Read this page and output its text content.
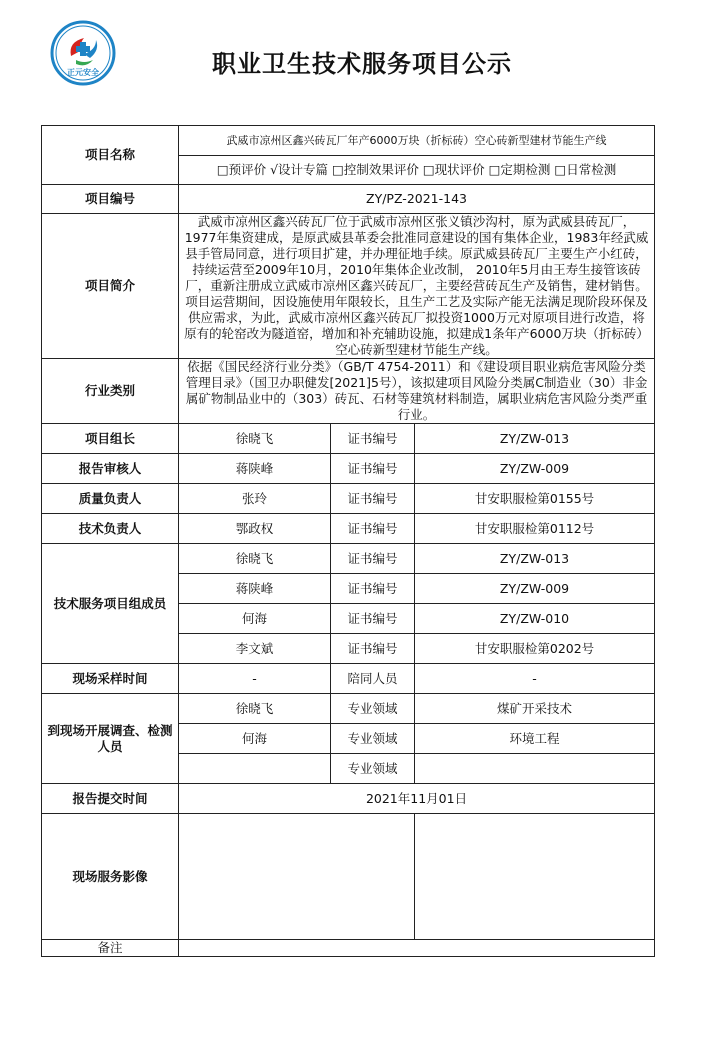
正元安全	职业卫生技术服务项目公示
项目名称	武威市凉州区鑫兴砖瓦厂年产6000万块（折标砖）空心砖新型建材节能生产线		
	□预评价 √设计专篇 □控制效果评价 □现状评价 □定期检测 □日常检测		
项目编号	ZY/PZ-2021-143		
项目简介	武威市凉州区鑫兴砖瓦厂位于武威市凉州区张义镇沙沟村，原为武威县砖瓦厂，1977年集资建成，是原武威县革委会批准同意建设的国有集体企业，1983年经武威县手管局同意，进行项目扩建，并办理征地手续。原武威县砖瓦厂主要生产小红砖，持续运营至2009年10月，2010年集体企业改制， 2010年5月由王寿生接管该砖厂，重新注册成立武威市凉州区鑫兴砖瓦厂，主要经营砖瓦生产及销售，建材销售。项目运营期间，因设施使用年限较长，且生产工艺及实际产能无法满足现阶段环保及供应需求，为此，武威市凉州区鑫兴砖瓦厂拟投资1000万元对原项目进行改造，将原有的轮窑改为隧道窑，增加和补充辅助设施，拟建成1条年产6000万块（折标砖）空心砖新型建材节能生产线。		
行业类别	依据《国民经济行业分类》（GB/T 4754-2011）和《建设项目职业病危害风险分类管理目录》（国卫办职健发[2021]5号），该拟建项目风险分类属C制造业（30）非金属矿物制品业中的（303）砖瓦、石材等建筑材料制造，属职业病危害风险分类严重行业。		
项目组长	徐晓飞	证书编号	ZY/ZW-013
报告审核人	蒋陕峰	证书编号	ZY/ZW-009
质量负责人	张玲	证书编号	甘安职服检第0155号
技术负责人	鄂政权	证书编号	甘安职服检第0112号
技术服务项目组成员	徐晓飞	证书编号	ZY/ZW-013
	蒋陕峰	证书编号	ZY/ZW-009
	何海	证书编号	ZY/ZW-010
	李文斌	证书编号	甘安职服检第0202号
现场采样时间	-	陪同人员	-
到现场开展调查、检测人员	徐晓飞	专业领域	煤矿开采技术
	何海	专业领域	环境工程
		专业领域	
报告提交时间	2021年11月01日		
现场服务影像			
备注			
